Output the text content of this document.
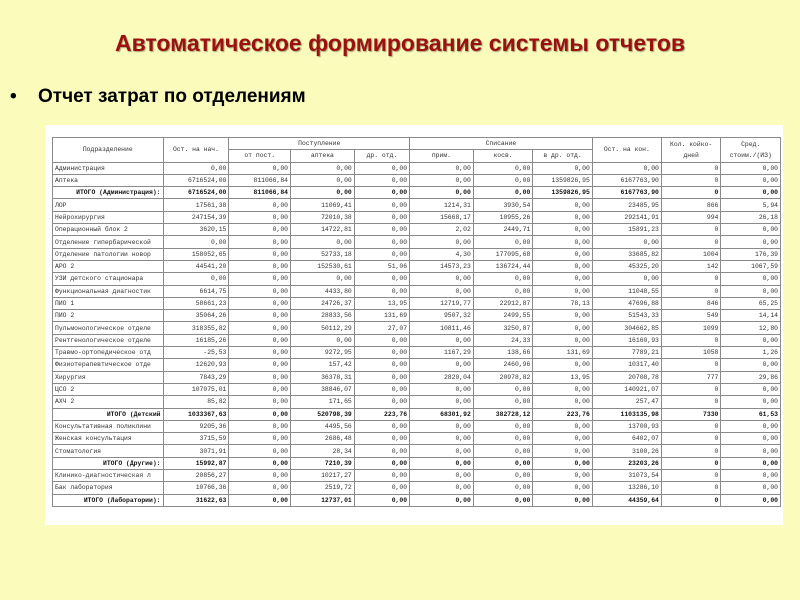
Автоматическое формирование системы отчетов
• Отчет затрат по отделениям
Подразделение	Ост. на нач.	Поступление			Списание			Ост. на кон.	Кол. койко-дней	Сред. стоим./(ИЗ)
		от пост.	аптека	др. отд.	прим.	косв.	в др. отд.			
Администрация	0,00	0,00	0,00	0,00	0,00	0,00	0,00	0,00	0	0,00
Аптека	6716524,00	811066,84	0,00	0,00	0,00	0,00	1359826,95	6167763,90	0	0,00
ИТОГО (Администрация):	6716524,00	811066,84	0,00	0,00	0,00	0,00	1359826,95	6167763,90	0	0,00
ЛОР	17561,38	0,00	11069,41	0,00	1214,31	3930,54	0,00	23485,95	866	5,94
Нейрохирургия	247154,39	0,00	72010,38	0,00	15668,17	10955,26	0,00	292141,91	994	26,18
Операционный блок 2	3620,15	0,00	14722,81	0,00	2,02	2449,71	0,00	15891,23	0	0,00
Отделение гипербарической	0,00	0,00	0,00	0,00	0,00	0,00	0,00	0,00	0	0,00
Отделение патологии новор	158052,65	0,00	52733,18	0,00	4,30	177095,68	0,00	33685,82	1004	176,39
АРО 2	44541,20	0,00	152530,61	51,06	14573,23	136724,44	0,00	45325,20	142	1067,59
УЗИ детского стационара	0,00	0,00	0,00	0,00	0,00	0,00	0,00	0,00	0	0,00
Функциональная диагностик	6614,75	0,00	4433,80	0,00	0,00	0,00	0,00	11048,55	0	0,00
ПИО 1	58661,23	0,00	24726,37	13,95	12719,77	22912,87	78,13	47696,88	846	65,25
ПИО 2	35064,26	0,00	28833,56	131,69	9507,32	2499,55	0,00	51543,33	549	14,14
Пульмонологическое отделе	318355,82	0,00	50112,29	27,07	10811,46	3250,87	0,00	304662,85	1099	12,80
Рентгенологическое отделе	16185,26	0,00	0,00	0,00	0,00	24,33	0,00	16160,93	0	0,00
Травмо-ортопедическое отд	-25,53	0,00	9272,95	0,00	1167,29	138,66	131,69	7789,21	1058	1,26
Физиотерапевтическое отде	12620,93	0,00	157,42	0,00	0,00	2460,96	0,00	10317,40	0	0,00
Хирургия	7843,29	0,00	36378,31	0,00	2820,04	20978,82	13,95	20708,78	777	29,86
ЦСО 2	107075,01	0,00	38846,07	0,00	0,00	0,00	0,00	140921,07	0	0,00
АХЧ 2	85,82	0,00	171,65	0,00	0,00	0,00	0,00	257,47	0	0,00
ИТОГО (Детский	1033367,63	0,00	520798,39	223,76	68301,92	382728,12	223,76	1103135,98	7330	61,53
Консультативная поликлини	9205,36	0,00	4495,56	0,00	0,00	0,00	0,00	13700,93	0	0,00
Женская консультация	3715,59	0,00	2686,48	0,00	0,00	0,00	0,00	6402,07	0	0,00
Стоматология	3071,91	0,00	28,34	0,00	0,00	0,00	0,00	3100,26	0	0,00
ИТОГО (Другие):	15992,87	0,00	7210,39	0,00	0,00	0,00	0,00	23203,26	0	0,00
Клинико-диагностическая л	20856,27	0,00	10217,27	0,00	0,00	0,00	0,00	31073,54	0	0,00
Бак лаборатория	10766,36	0,00	2519,72	0,00	0,00	0,00	0,00	13286,10	0	0,00
ИТОГО (Лаборатории):	31622,63	0,00	12737,01	0,00	0,00	0,00	0,00	44359,64	0	0,00
